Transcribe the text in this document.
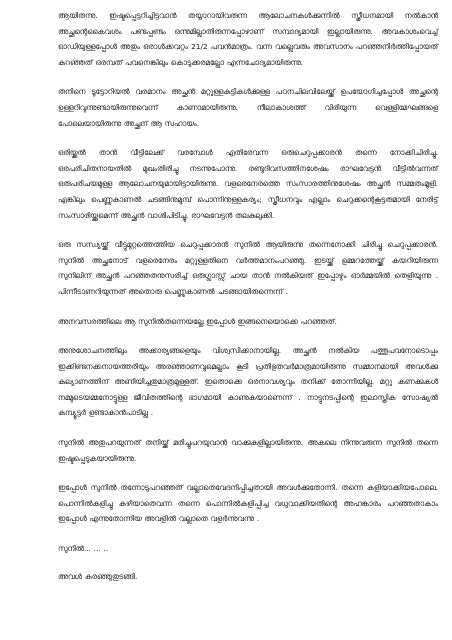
ആയിതന്നു. ഇഷ്ടപ്പെട്ടറിച്ചിട്ടവാൻ തയ്യാറായിവരുന്ന ആലോചനകൾക്കുന്നിൽ സ്ത്രീധനമായി നൽകാൻ അച്ഛന്റെകൈവശം പണ്ടപ്പണ്ടം ഒന്നുമില്ലാതിരുന്നപ്പോഴാണ് സമ്പാദ്യമായി ഇല്ലായിരുന്നു. അവകാശംവെച്ച് ഓഡിയുള്ളപ്പോൾ അതും ഒരാൾക്കവറ്റം 21/2 പവൻമാത്രം. വന്ന വല്ലെവരും അവസാനം പറഞ്ഞനിർത്തിപ്പോയത് കറഞ്ഞത് ഒരമ്പത് പവനെങ്കിലും കൊടുക്കരമല്ലോ എന്നചോദ്യമായിരുന്നു.

തനിനെ ടൂട്ടോറിയൽ വരമാനം അച്ഛൻ മറ്റുള്ളകുട്ടികൾക്കുള്ള പഠനചിലവിലേയ്ക്ക് ഉപയോഗിച്ചപ്പോൾ അച്ഛന്റെ ഉള്ളറിവുന്നുണ്ടായിരുന്നുവെന്ന് കാണാമായിരുന്നു. നീലാകാശത്ത് വിരിയുന്ന വെള്ളിമേഘങ്ങളെ പോലെയായിരുന്നു അച്ഛന് ആ സഹായം.

ഒരിയ്ക്കൽ താൻ വീട്ടിലേക്ക് വരമ്പോൾ എതിരേവന്ന ഒരുചെറുപ്പക്കാരൻ തന്നെ നോക്കിചിരിച്ചു. ഒരപരിചിതനായതിൽ മുഖംതിരിച്ചു നടന്നുപോന്നു. രണ്ടുദിവസത്തിനശേഷം രാഘവേട്ടൻ വീട്ടിൽവന്നത് ഒരുപരിചയമുള്ള ആലോചനയുമായിട്ടായിരുന്നു. വളരെനേരത്തെ സംസാരത്തിനുശേഷം അച്ഛൻ സമ്മതംമൂളി. എങ്കിലും പെണ്ണുകാണൽ ചടങ്ങിനുമുമ്പ് പൊന്നിനുള്ളകര്യം; സ്ത്രീധനവും എല്ലാം ചെറുക്കന്റെകൂട്ടരുമായി നേരിട്ട് സംസാരിയ്ക്കുമെന്ന് അച്ഛൻ വാശിപിടിച്ചു. രാഘവേട്ടൻ തലകുലുക്കി.

ഒരു സന്ധ്യയ്ക്ക് വീട്ടുമുറ്റത്തെത്തിയ ചെറുപ്പക്കാരൻ സുനിൽ ആയിരുന്നു തന്നെനോക്കി ചിരിച്ചു ചെറുപ്പക്കാരൻ. സുനിൽ അച്ഛനോട് വളരെനേരം മറ്റുള്ളതിനെ വർത്തമാനംപറഞ്ഞു. ഇടയ്ക്ക് ഉമ്മറത്തേയ്ക്ക് കയറിയിരുന്ന സുനിലിന് അച്ഛൻ പറഞ്ഞതനുസരിച്ച് ഒരുഗ്ലാസ്സ് ചായ താൻ നൽകിയത് ഇപ്പോഴും ഓർമ്മയിൽ തെളിയുന്നു . പിന്നീടാണറിയുന്നത് അതൊരു പെണ്ണുകാണൽ ചടങ്ങായിരുന്നെന്ന് .

അനവസരത്തിലെ ആ സുനിൽതന്നെയല്ലേ ഇപ്പോൾ ഇങ്ങനെയൊക്കെ പറഞ്ഞത്.

അനുശോചനത്തിലും അക്കാര്യങ്ങളെയും വിശ്വസിക്കാനായില്ല. അച്ഛൻ നൽകിയ പത്തുപവനോടൊപ്പം ഇക്കിണ്ടനക്കനായത്തരിയും അരഞ്ഞാണവുമെല്ലാം കൂടി പ്രതിഭുതവർമാത്രമായിരുന്നു സമ്മാനമായി അവൾക്കു കല്യാണത്തിന് അണിയിച്ചതുമാത്രമുള്ളത്. ഇതൊക്കെ ഒരനാവശ്യവും തനിക്ക് തോന്നിയില്ല. മറ്റു കണക്കുകൾ നമ്മുടെയമ്മനോട്ടുള്ള ജീവിതത്തിന്റെ ഭാഗമായി കാണുകയാണെന്ന് . നാട്ടുനടപ്പിന്റെ ഇലാസ്തിക സോഷ്യൽ കമ്പ്യൂട്ടർ ഉണ്ടാകാൻപാടില്ല .

സുനിൽ അതുപറയുന്നത് തനിയ്ക്ക് മരിച്ചുപറയുവാൻ വാക്കുകളില്ലായിരുന്നു. അകലെ നിന്നുവരുന്ന സുനിൽ തന്നെ ഇഷ്ടപ്പെടുകയായിരുന്നു.

ഇപ്പോൾ സുനിൽ തന്നോടുപറഞ്ഞത് വല്ലാതെവേദനിപ്പിച്ചതായി അവൾക്കുതോന്നി. തന്നെ കളിയാക്കിയപോലെ. പൊന്നിൽകളിച്ചു കഴിയാതെവന്ന തന്നെ പൊന്നിൽകളിപ്പിച്ച വധുവാക്കിയതിന്റെ അഹങ്കാരം പറഞ്ഞതാകാം ഇപ്പോൾ എന്നുതോന്നിയ അവളിൽ വല്ലാതെ വളർന്നുവന്നു .

സുനിൽ... ... ..

അവൾ കരഞ്ഞുതുടങ്ങി.
